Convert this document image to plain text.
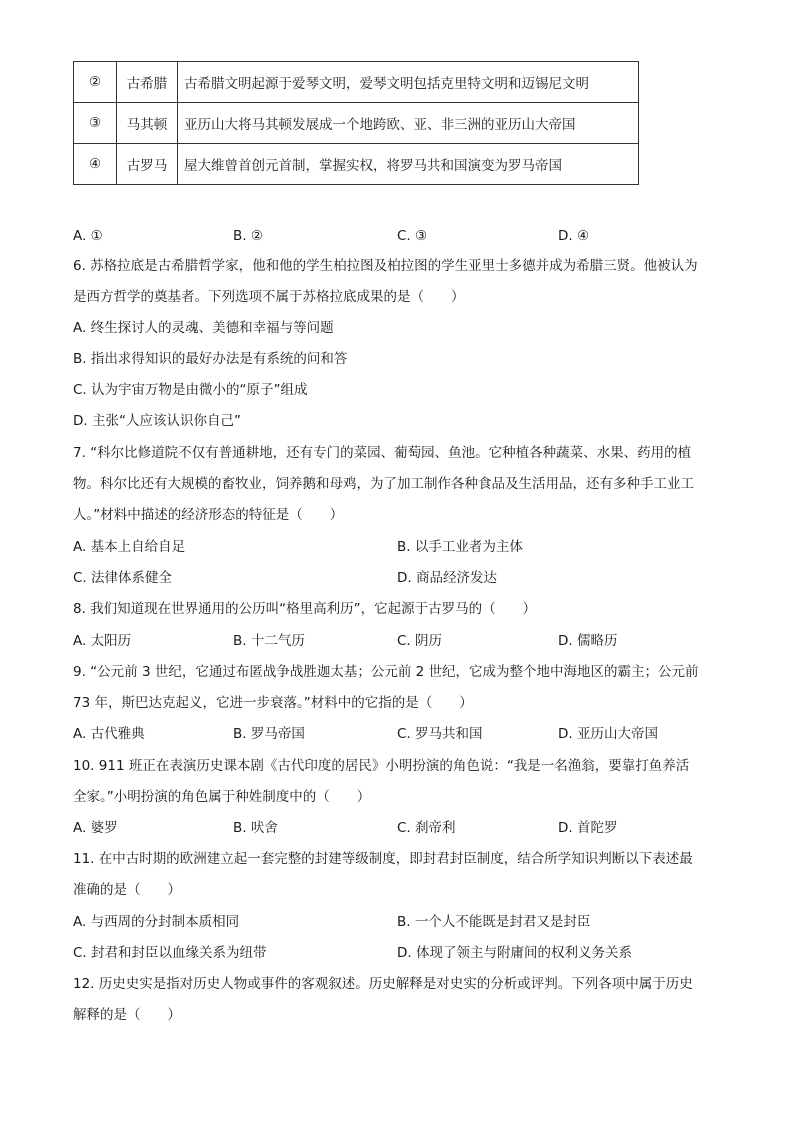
②	古希腊	古希腊文明起源于爱琴文明，爱琴文明包括克里特文明和迈锡尼文明
③	马其顿	亚历山大将马其顿发展成一个地跨欧、亚、非三洲的亚历山大帝国
④	古罗马	屋大维曾首创元首制，掌握实权，将罗马共和国演变为罗马帝国
A. ①	B. ②	C. ③	D. ④
6. 苏格拉底是古希腊哲学家，他和他的学生柏拉图及柏拉图的学生亚里士多德并成为希腊三贤。他被认为
是西方哲学的奠基者。下列选项不属于苏格拉底成果的是（　　）
A. 终生探讨人的灵魂、美德和幸福与等问题
B. 指出求得知识的最好办法是有系统的问和答
C. 认为宇宙万物是由微小的“原子”组成
D. 主张“人应该认识你自己”
7. “科尔比修道院不仅有普通耕地，还有专门的菜园、葡萄园、鱼池。它种植各种蔬菜、水果、药用的植
物。科尔比还有大规模的畜牧业，饲养鹅和母鸡，为了加工制作各种食品及生活用品，还有多种手工业工
人。”材料中描述的经济形态的特征是（　　）
A. 基本上自给自足	B. 以手工业者为主体
C. 法律体系健全	D. 商品经济发达
8. 我们知道现在世界通用的公历叫“格里高利历”，它起源于古罗马的（　　）
A. 太阳历	B. 十二气历	C. 阴历	D. 儒略历
9. “公元前 3 世纪，它通过布匿战争战胜迦太基；公元前 2 世纪，它成为整个地中海地区的霸主；公元前
73 年，斯巴达克起义，它进一步衰落。”材料中的它指的是（　　）
A. 古代雅典	B. 罗马帝国	C. 罗马共和国	D. 亚历山大帝国
10. 911 班正在表演历史课本剧《古代印度的居民》小明扮演的角色说：“我是一名渔翁，要靠打鱼养活
全家。”小明扮演的角色属于种姓制度中的（　　）
A. 婆罗	B. 吠舍	C. 刹帝利	D. 首陀罗
11. 在中古时期的欧洲建立起一套完整的封建等级制度，即封君封臣制度，结合所学知识判断以下表述最
准确的是（　　）
A. 与西周的分封制本质相同	B. 一个人不能既是封君又是封臣
C. 封君和封臣以血缘关系为纽带	D. 体现了领主与附庸间的权利义务关系
12. 历史史实是指对历史人物或事件的客观叙述。历史解释是对史实的分析或评判。下列各项中属于历史
解释的是（　　）
